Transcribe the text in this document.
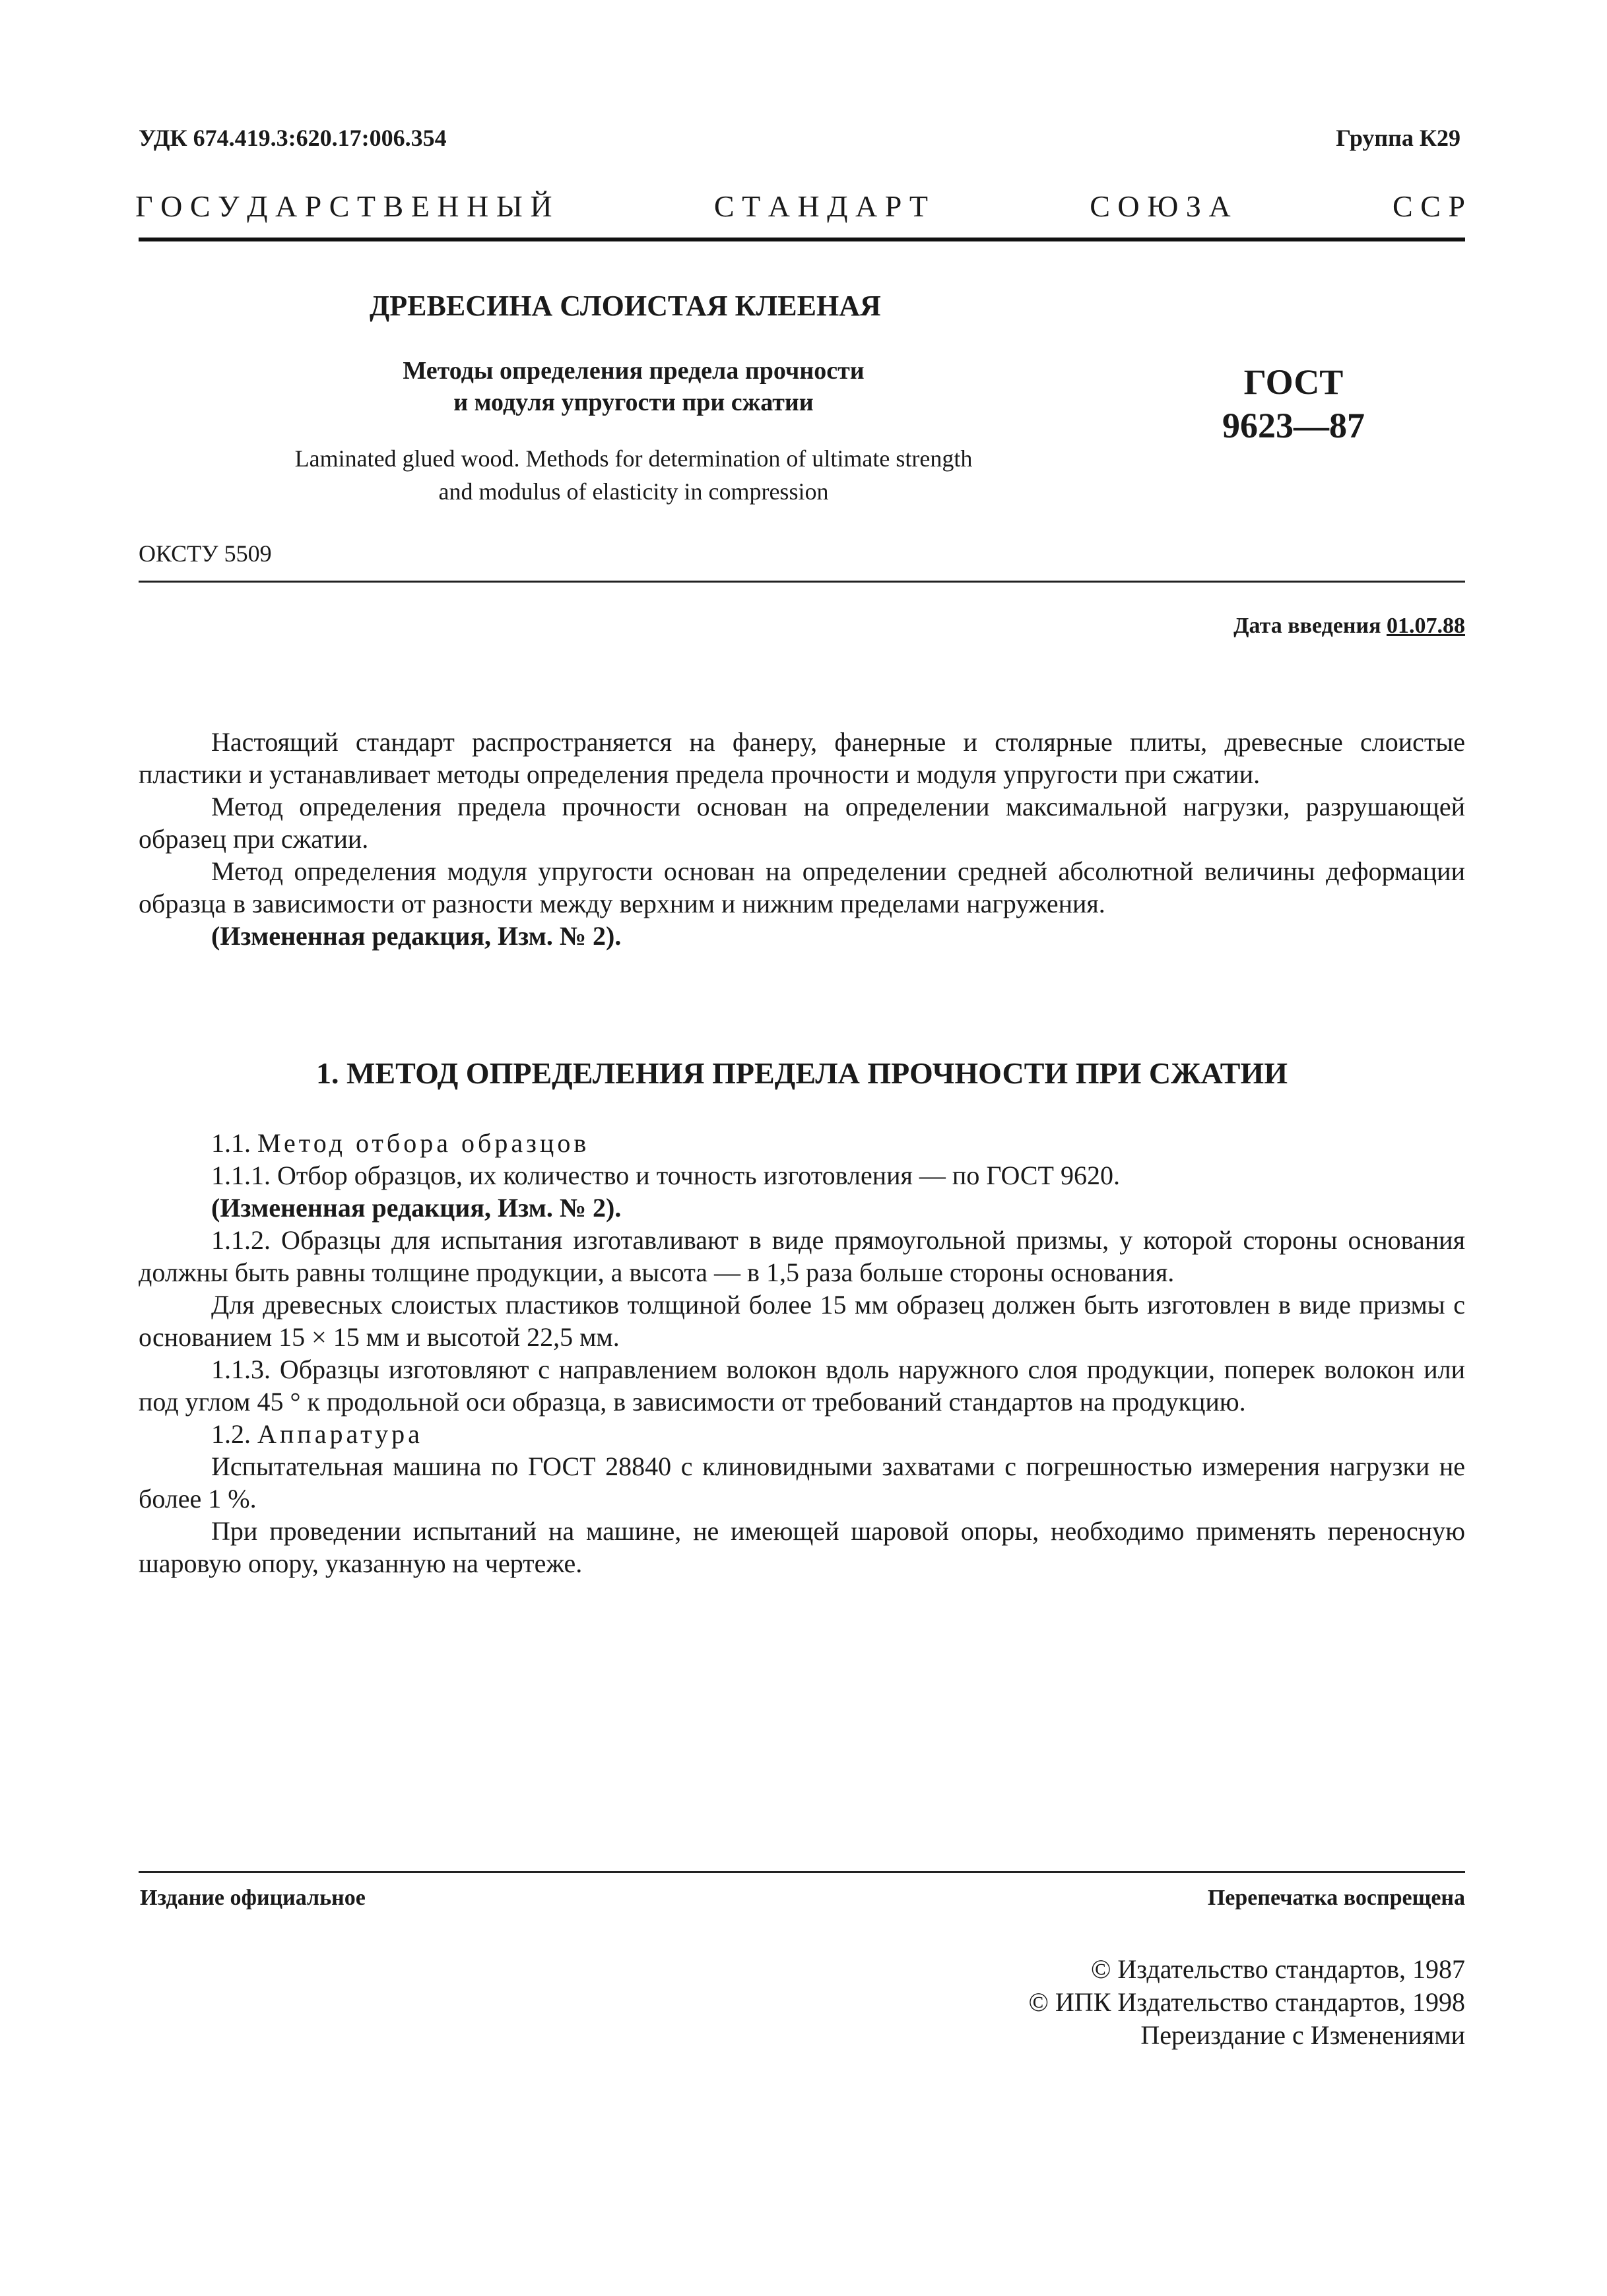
УДК 674.419.3:620.17:006.354	Группа К29
Г О С У Д А Р С Т В Е Н Н Ы Й	С Т А Н Д А Р Т	С О Ю З А	С С Р
ДРЕВЕСИНА СЛОИСТАЯ КЛЕЕНАЯ
Методы определения предела прочности
и модуля упругости при сжатии
ГОСТ
9623—87
Laminated glued wood. Methods for determination of ultimate strength
and modulus of elasticity in compression
ОКСТУ 5509
Дата введения 01.07.88

Настоящий стандарт распространяется на фанеру, фанерные и столярные плиты, древесные слоистые пластики и устанавливает методы определения предела прочности и модуля упругости при сжатии.

Метод определения предела прочности основан на определении максимальной нагрузки, разрушающей образец при сжатии.

Метод определения модуля упругости основан на определении средней абсолютной величины деформации образца в зависимости от разности между верхним и нижним пределами нагружения.

(Измененная редакция, Изм. № 2).

1. МЕТОД ОПРЕДЕЛЕНИЯ ПРЕДЕЛА ПРОЧНОСТИ ПРИ СЖАТИИ

1.1. Метод отбора образцов

1.1.1. Отбор образцов, их количество и точность изготовления — по ГОСТ 9620.

(Измененная редакция, Изм. № 2).

1.1.2. Образцы для испытания изготавливают в виде прямоугольной призмы, у которой стороны основания должны быть равны толщине продукции, а высота — в 1,5 раза больше стороны основания.

Для древесных слоистых пластиков толщиной более 15 мм образец должен быть изготовлен в виде призмы с основанием 15 × 15 мм и высотой 22,5 мм.

1.1.3. Образцы изготовляют с направлением волокон вдоль наружного слоя продукции, поперек волокон или под углом 45 ° к продольной оси образца, в зависимости от требований стандартов на продукцию.

1.2. Аппаратура

Испытательная машина по ГОСТ 28840 с клиновидными захватами с погрешностью измерения нагрузки не более 1 %.

При проведении испытаний на машине, не имеющей шаровой опоры, необходимо применять переносную шаровую опору, указанную на чертеже.

Издание официальное	Перепечатка воспрещена
© Издательство стандартов, 1987
© ИПК Издательство стандартов, 1998
Переиздание с Изменениями
